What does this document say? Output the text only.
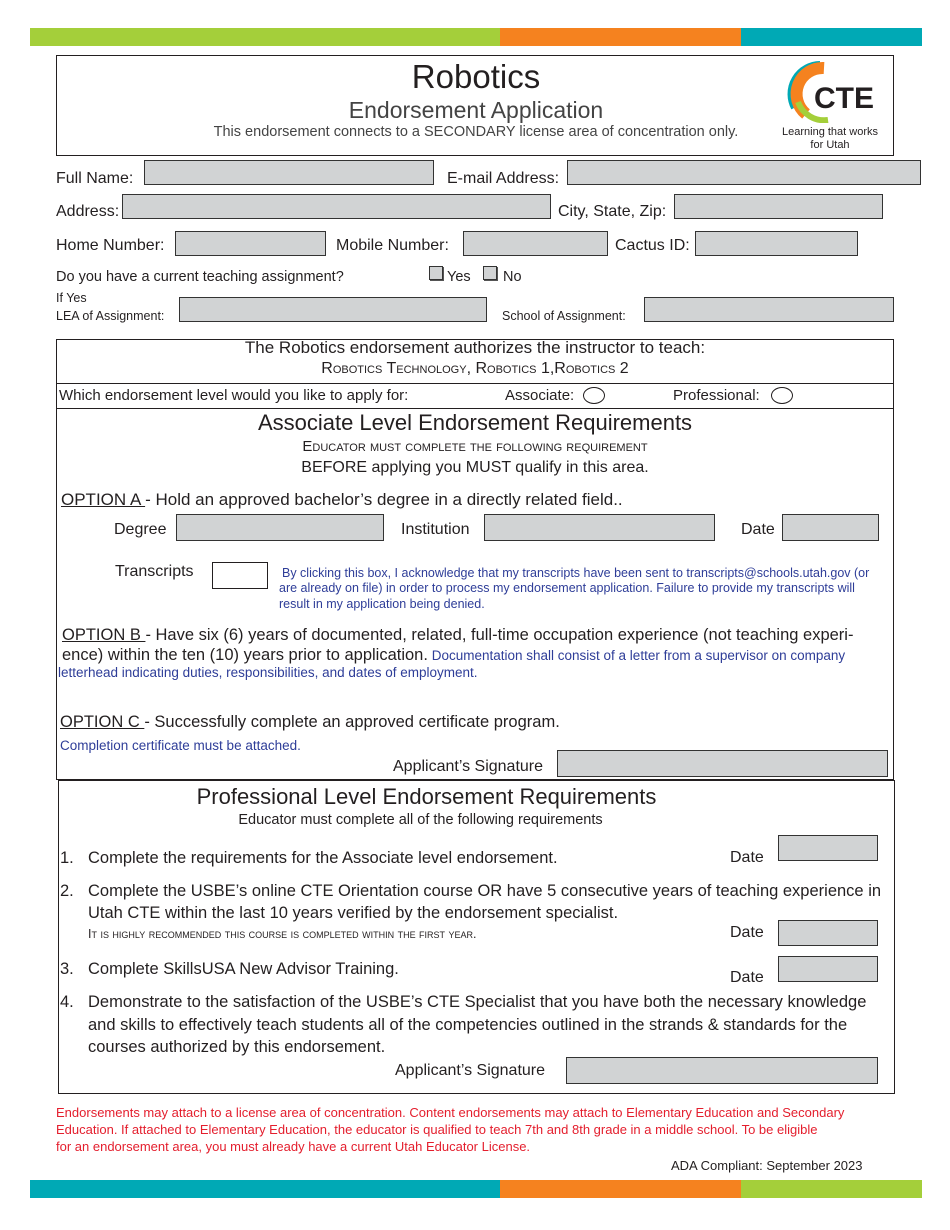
Robotics
Endorsement Application
This endorsement connects to a SECONDARY license area of concentration only.
CTE
Learning that works
for Utah
Full Name:	E-mail Address:
Address:	City, State, Zip:
Home Number:	Mobile Number:	Cactus ID:
Do you have a current teaching assignment?	Yes No
If Yes
LEA of Assignment:	School of Assignment:
The Robotics endorsement authorizes the instructor to teach:
Robotics Technology, Robotics 1,Robotics 2
Which endorsement level would you like to apply for:	Associate:	Professional:
Associate Level Endorsement Requirements
Educator must complete the following requirement
BEFORE applying you MUST qualify in this area.
OPTION A - Hold an approved bachelor’s degree in a directly related field..
Degree	Institution	Date
Transcripts	By clicking this box, I acknowledge that my transcripts have been sent to transcripts@schools.utah.gov (or
are already on file) in order to process my endorsement application. Failure to provide my transcripts will
result in my application being denied.
OPTION B - Have six (6) years of documented, related, full-time occupation experience (not teaching experi-
ence) within the ten (10) years prior to application. Documentation shall consist of a letter from a supervisor on company
letterhead indicating duties, responsibilities, and dates of employment.
OPTION C - Successfully complete an approved certificate program.
Completion certificate must be attached.
Applicant’s Signature
Professional Level Endorsement Requirements
Educator must complete all of the following requirements
1. Complete the requirements for the Associate level endorsement.	Date
2. Complete the USBE’s online CTE Orientation course OR have 5 consecutive years of teaching experience in
Utah CTE within the last 10 years verified by the endorsement specialist.
It is highly recommended this course is completed within the first year.	Date
3. Complete SkillsUSA New Advisor Training.	Date
4. Demonstrate to the satisfaction of the USBE’s CTE Specialist that you have both the necessary knowledge
and skills to effectively teach students all of the competencies outlined in the strands & standards for the
courses authorized by this endorsement.
Applicant’s Signature
Endorsements may attach to a license area of concentration. Content endorsements may attach to Elementary Education and Secondary
Education. If attached to Elementary Education, the educator is qualified to teach 7th and 8th grade in a middle school. To be eligible
for an endorsement area, you must already have a current Utah Educator License.
ADA Compliant: September 2023
